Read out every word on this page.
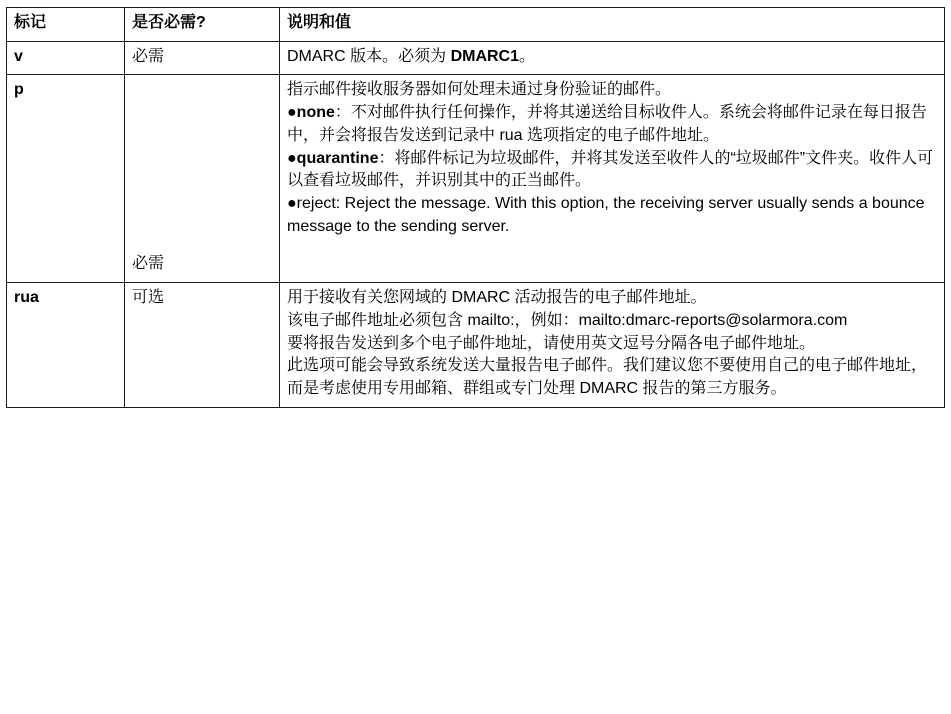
标记	是否必需?	说明和值
v	必需	DMARC 版本。必须为 DMARC1。

p	必需	指示邮件接收服务器如何处理未通过身份验证的邮件。

●none：不对邮件执行任何操作，并将其递送给目标收件人。系统会将邮件记录在每日报告中，并会将报告发送到记录中 rua 选项指定的电子邮件地址。

●quarantine：将邮件标记为垃圾邮件，并将其发送至收件人的“垃圾邮件”文件夹。收件人可以查看垃圾邮件，并识别其中的正当邮件。

●reject: Reject the message. With this option, the receiving server usually sends a bounce message to the sending server.

rua	可选	用于接收有关您网域的 DMARC 活动报告的电子邮件地址。

该电子邮件地址必须包含 mailto:，例如：mailto:dmarc-reports@solarmora.com

要将报告发送到多个电子邮件地址，请使用英文逗号分隔各电子邮件地址。

此选项可能会导致系统发送大量报告电子邮件。我们建议您不要使用自己的电子邮件地址，而是考虑使用专用邮箱、群组或专门处理 DMARC 报告的第三方服务。
